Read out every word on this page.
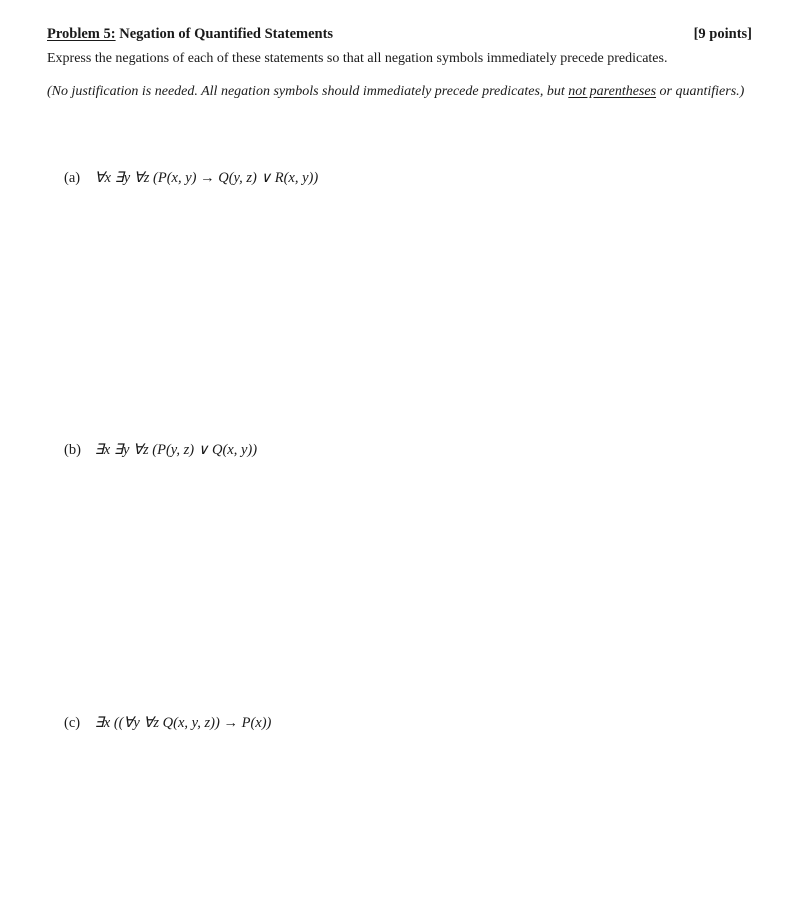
Problem 5: Negation of Quantified Statements	[9 points]
Express the negations of each of these statements so that all negation symbols immediately precede predicates.
(No justification is needed. All negation symbols should immediately precede predicates, but not parentheses or quantifiers.)
(a) ∀x ∃y ∀z (P(x, y) → Q(y, z) ∨ R(x, y))
(b) ∃x ∃y ∀z (P(y, z) ∨ Q(x, y))
(c) ∃x ((∀y ∀z Q(x, y, z)) → P(x))
